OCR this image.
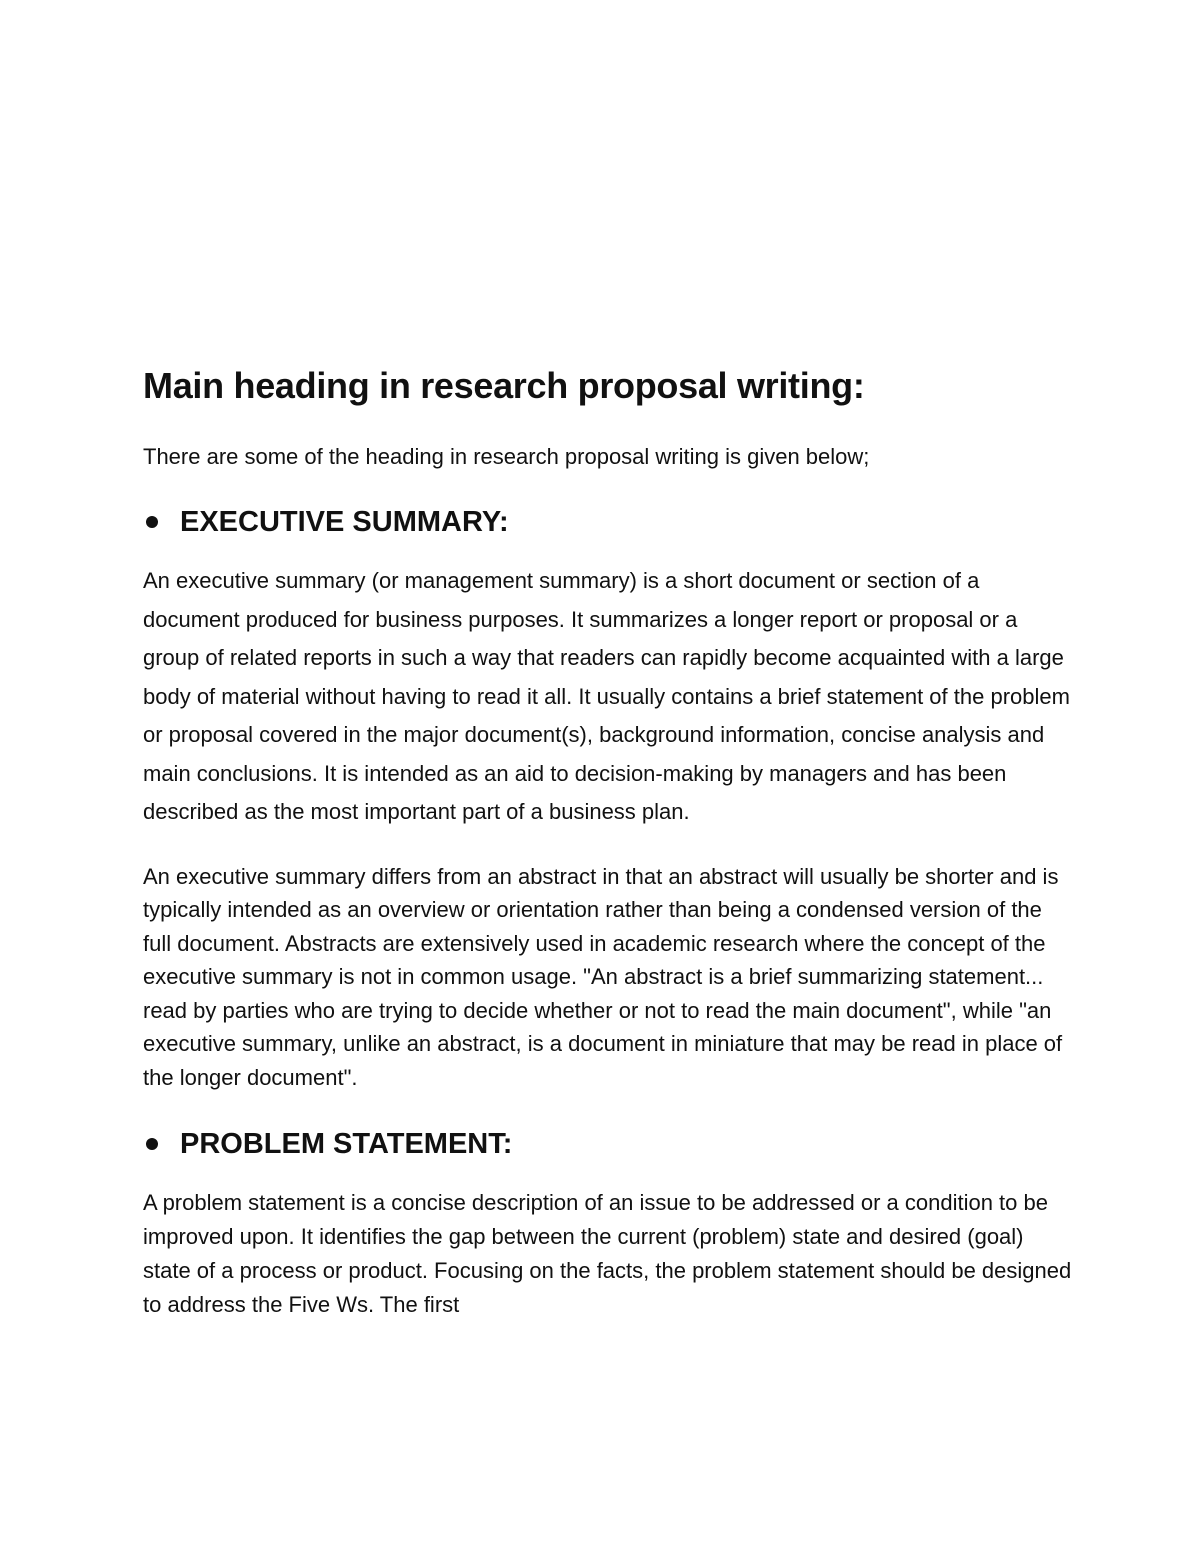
Main heading in research proposal writing:

There are some of the heading in research proposal writing is given below;

EXECUTIVE SUMMARY:

An executive summary (or management summary) is a short document or section of a document produced for business purposes. It summarizes a longer report or proposal or a group of related reports in such a way that readers can rapidly become acquainted with a large body of material without having to read it all. It usually contains a brief statement of the problem or proposal covered in the major document(s), background information, concise analysis and main conclusions. It is intended as an aid to decision-making by managers and has been described as the most important part of a business plan.

An executive summary differs from an abstract in that an abstract will usually be shorter and is typically intended as an overview or orientation rather than being a condensed version of the full document. Abstracts are extensively used in academic research where the concept of the executive summary is not in common usage. "An abstract is a brief summarizing statement... read by parties who are trying to decide whether or not to read the main document", while "an executive summary, unlike an abstract, is a document in miniature that may be read in place of the longer document".

PROBLEM STATEMENT:

A problem statement is a concise description of an issue to be addressed or a condition to be improved upon. It identifies the gap between the current (problem) state and desired (goal) state of a process or product. Focusing on the facts, the problem statement should be designed to address the Five Ws. The first
